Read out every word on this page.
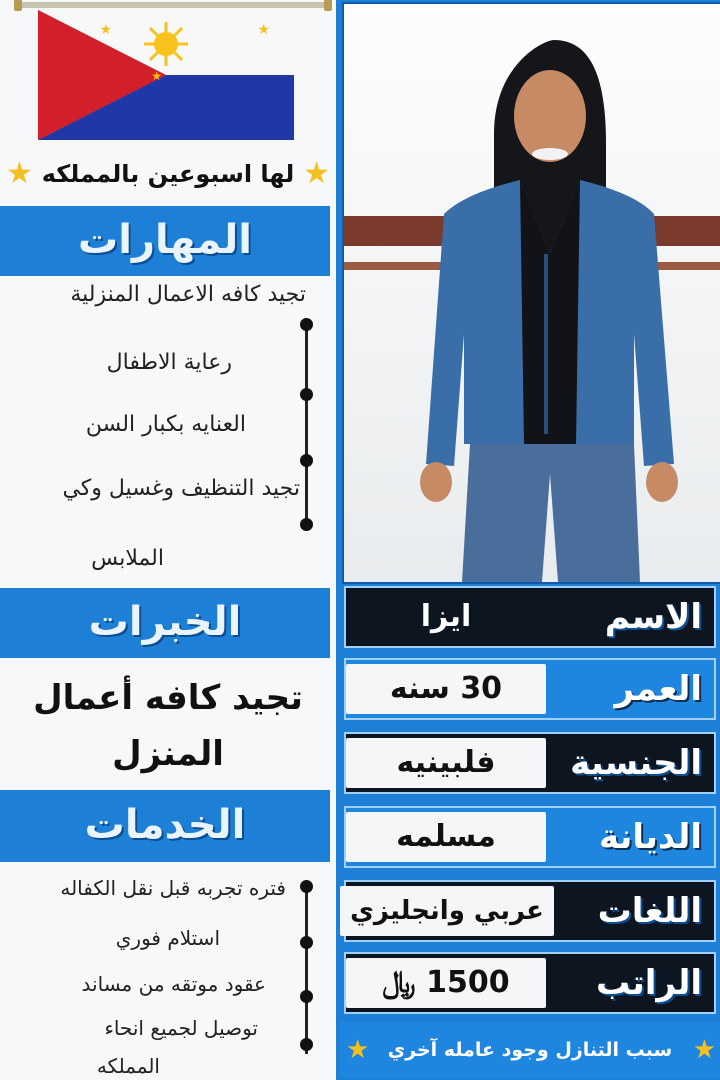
★	★
★
★
لها اسبوعين بالمملكه
★
المهارات
تجيد كافه الاعمال المنزلية
رعاية الاطفال
العنايه بكبار السن
تجيد التنظيف وغسيل وكي
الملابس
الخبرات
تجيد كافه أعمال
المنزل
الخدمات
فتره تجربه قبل نقل الكفاله
استلام فوري
عقود موتقه من مساند
توصيل لجميع انحاء
المملكه
الاسم
ايزا
العمر
30 سنه
الجنسية
فلبينيه
الديانة
مسلمه
اللغات
عربي وانجليزي
الراتب
1500 ﷼
★
سبب التنازل وجود عامله آخري
★
